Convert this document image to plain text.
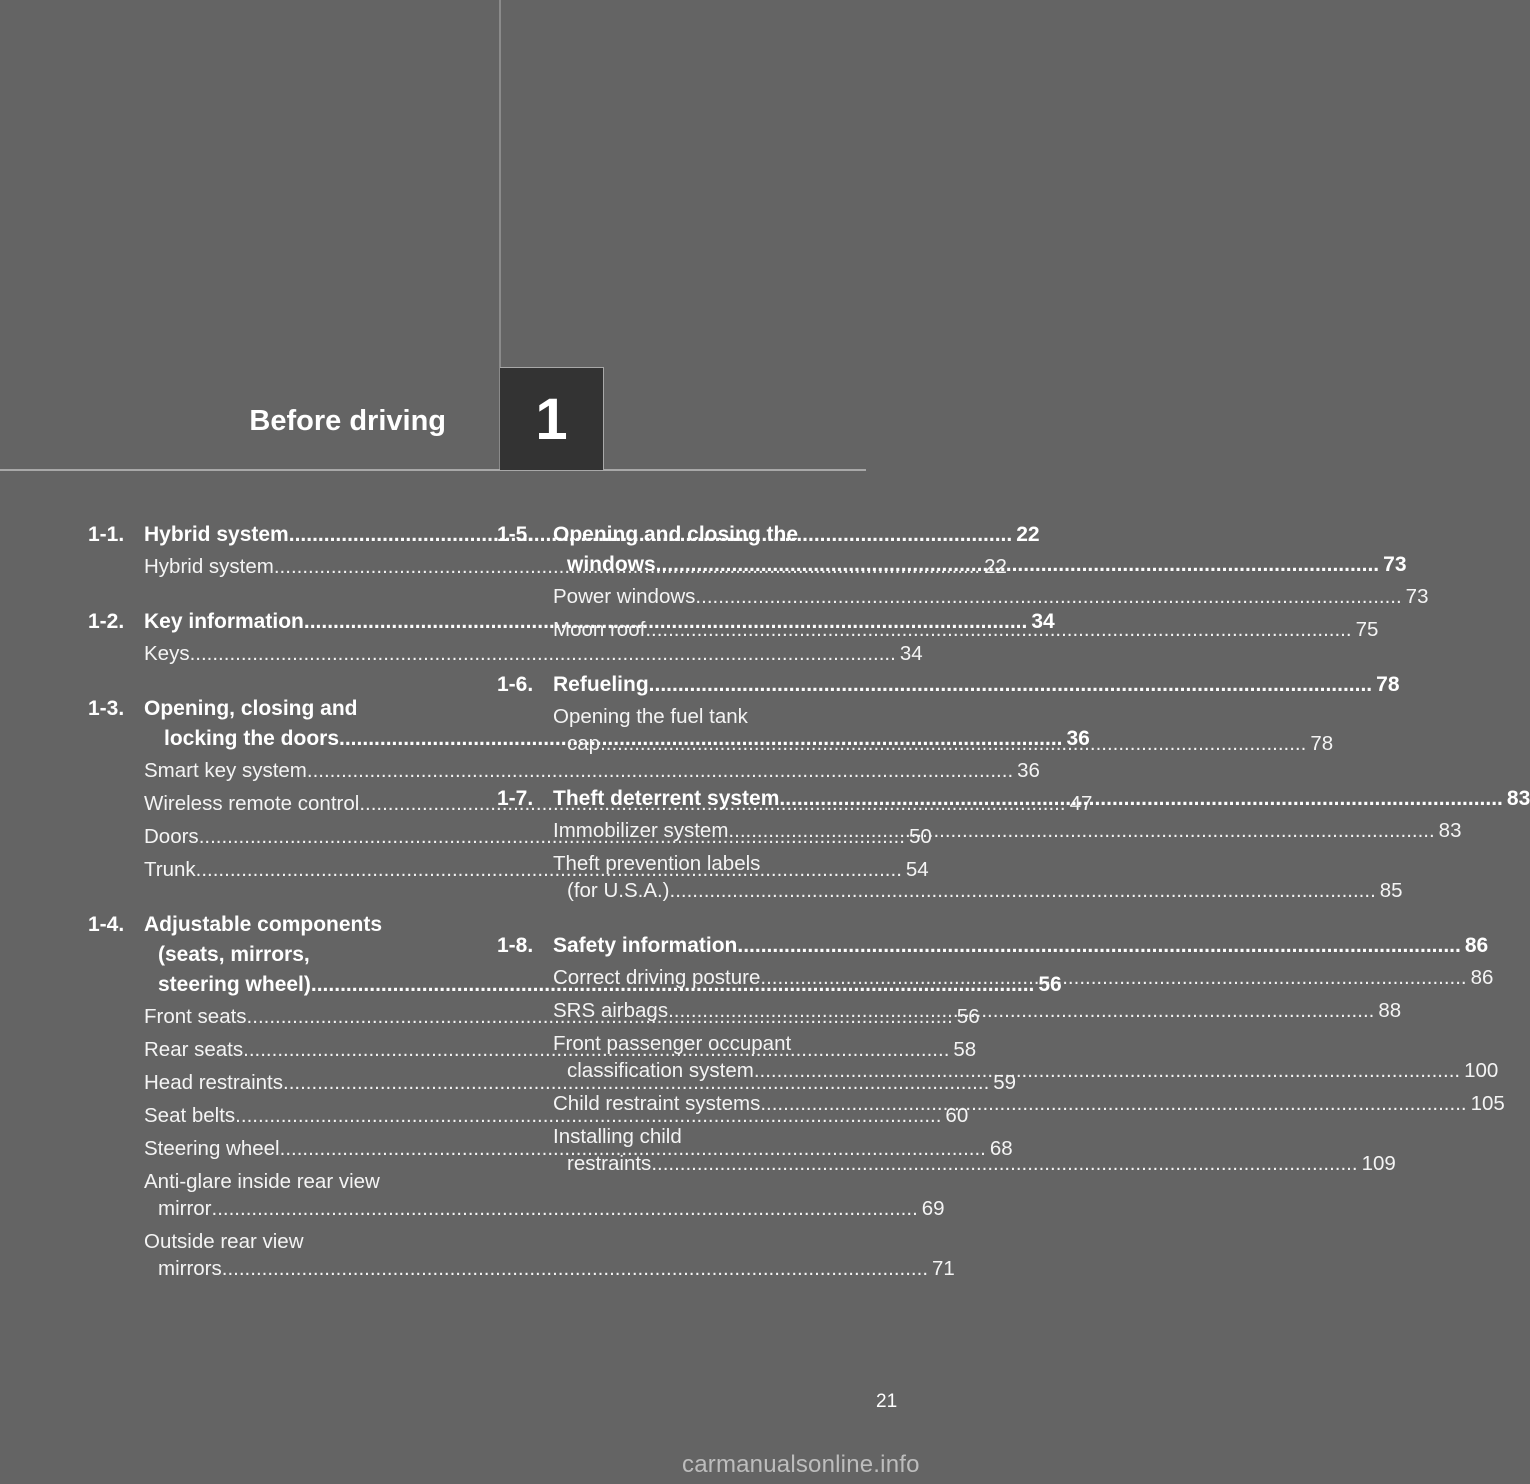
Before driving 1
1-1. Hybrid system .....	22
Hybrid system .....	22
1-2. Key information .....	34
Keys .....	34
1-3. Opening, closing and
locking the doors .....	36
Smart key system .....	36
Wireless remote control .....	47
Doors .....	50
Trunk .....	54
1-4. Adjustable components
(seats, mirrors,
steering wheel) .....	56
Front seats .....	56
Rear seats .....	58
Head restraints .....	59
Seat belts .....	60
Steering wheel .....	68
Anti-glare inside rear view
mirror .....	69
Outside rear view
mirrors .....	71
1-5. Opening and closing the
windows .....	73
Power windows .....	73
Moon roof .....	75
1-6. Refueling .....	78
Opening the fuel tank
cap .....	78
1-7. Theft deterrent system .....	83
Immobilizer system .....	83
Theft prevention labels
(for U.S.A.) .....	85
1-8. Safety information .....	86
Correct driving posture .....	86
SRS airbags .....	88
Front passenger occupant
classification system .....	100
Child restraint systems .....	105
Installing child
restraints .....	109
21
carmanualsonline.info
